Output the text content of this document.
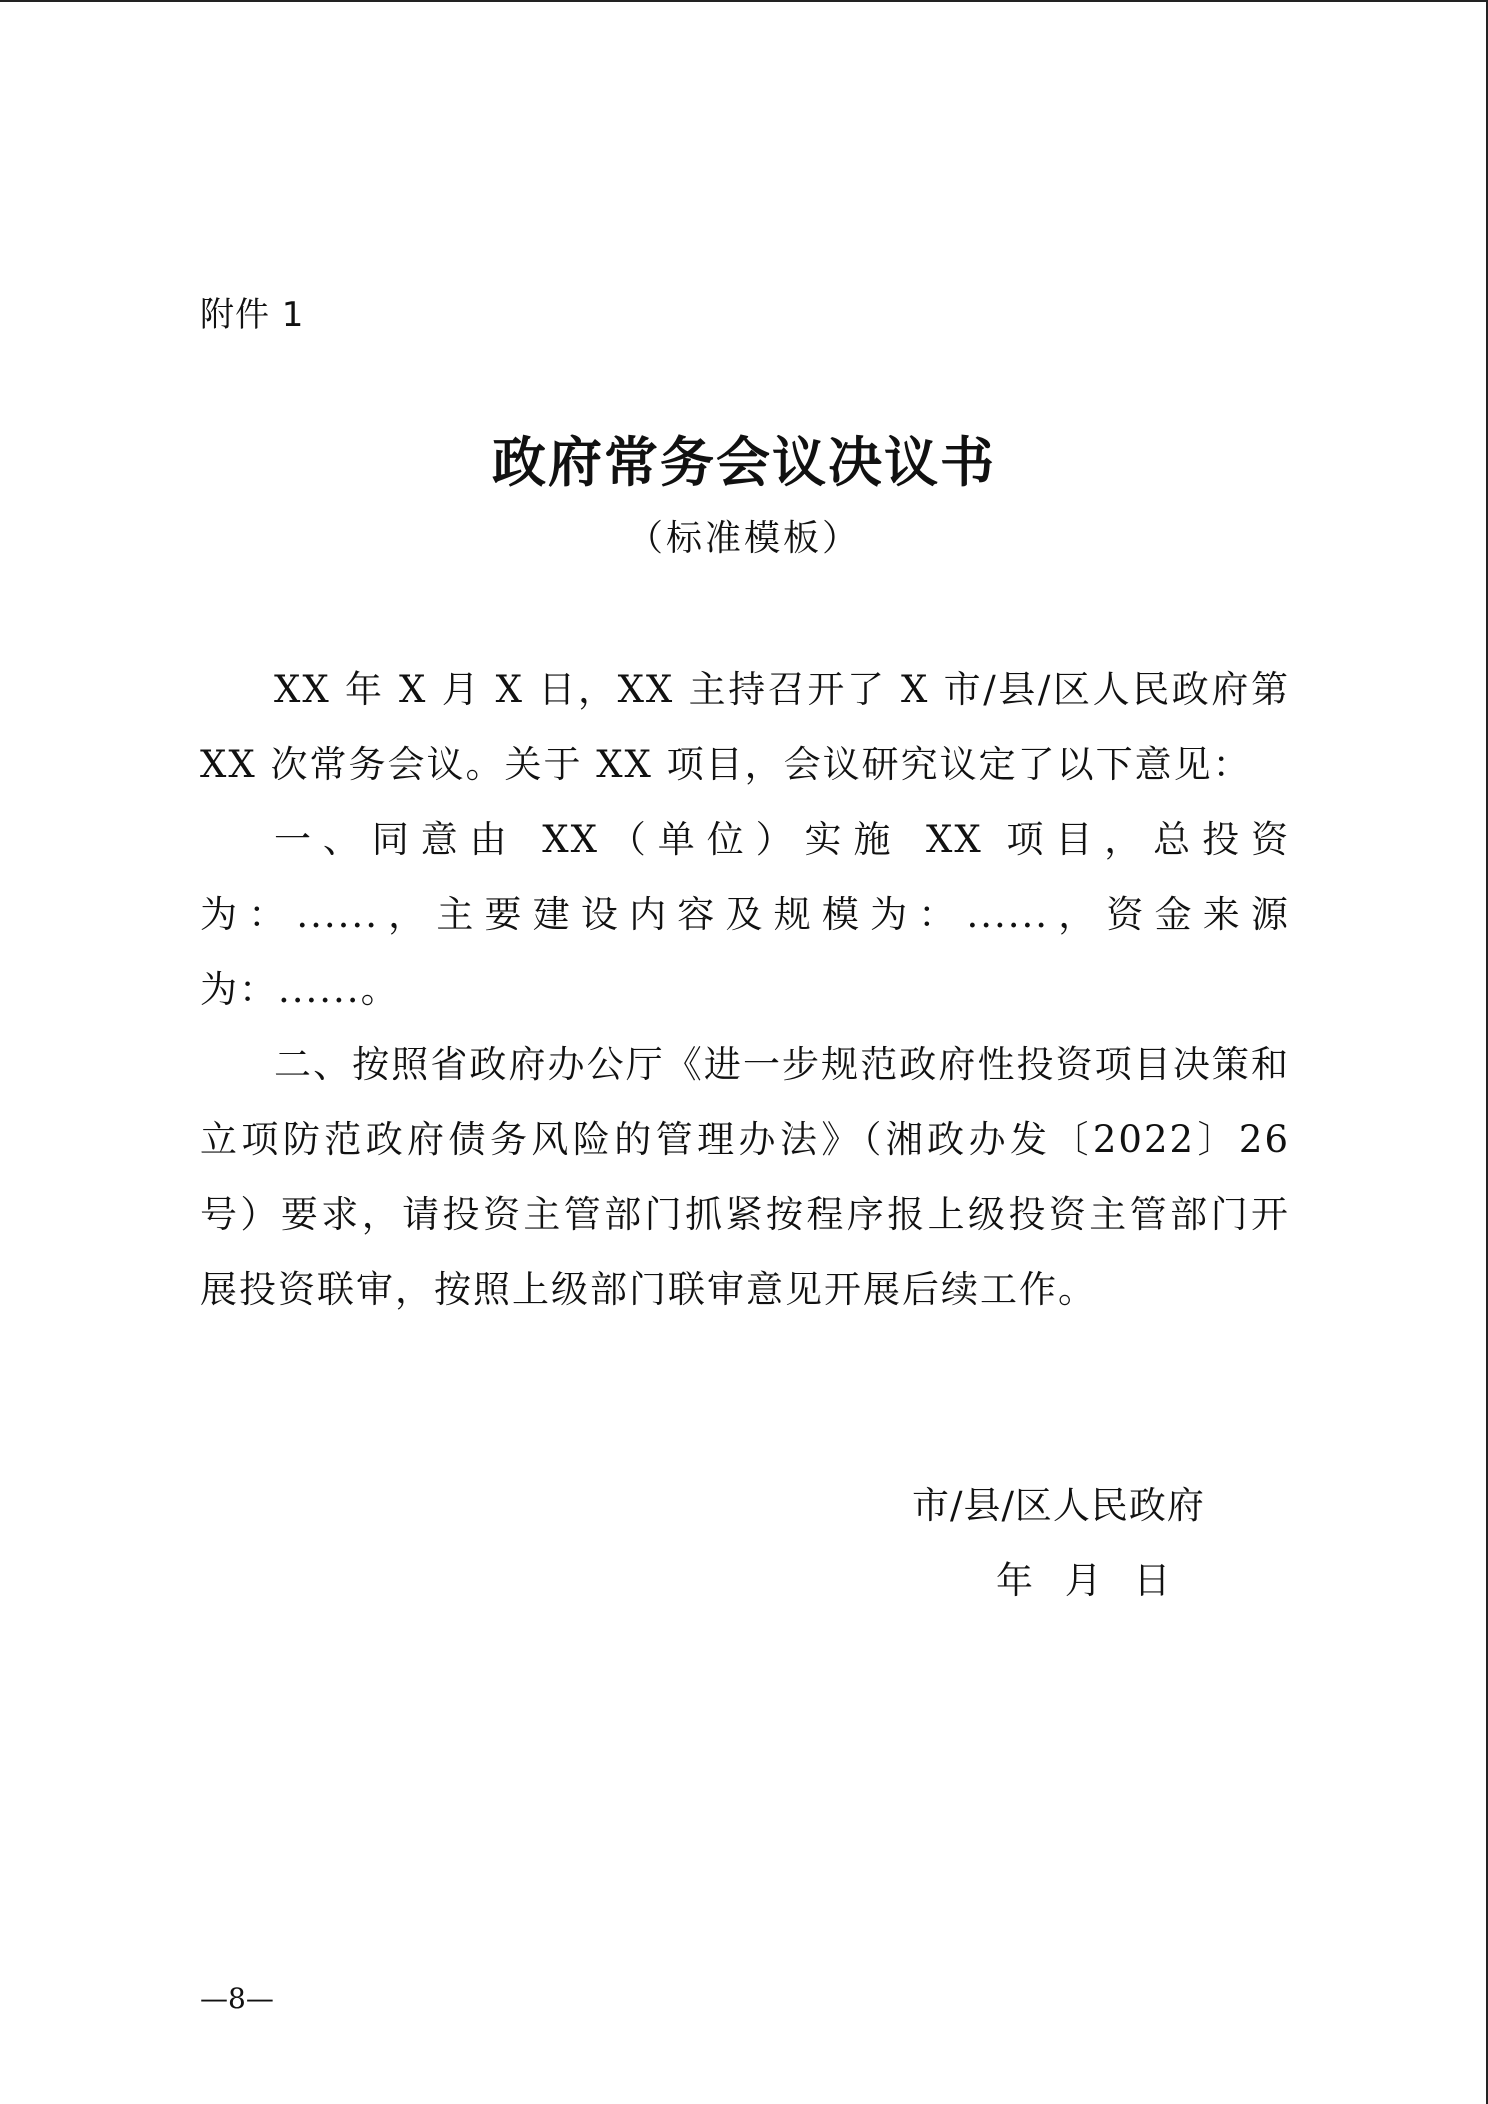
附件 1
政府常务会议决议书
（标准模板）

XX 年 X 月 X 日，XX 主持召开了 X 市/县/区人民政府第 XX 次常务会议。关于 XX 项目，会议研究议定了以下意见：

一、同意由 XX（单位）实施 XX 项目，总投资为：......，主要建设内容及规模为：......，资金来源为：......。

二、按照省政府办公厅《进一步规范政府性投资项目决策和立项防范政府债务风险的管理办法》（湘政办发〔2022〕26 号）要求，请投资主管部门抓紧按程序报上级投资主管部门开展投资联审，按照上级部门联审意见开展后续工作。

市/县/区人民政府
年 月 日
—8—
